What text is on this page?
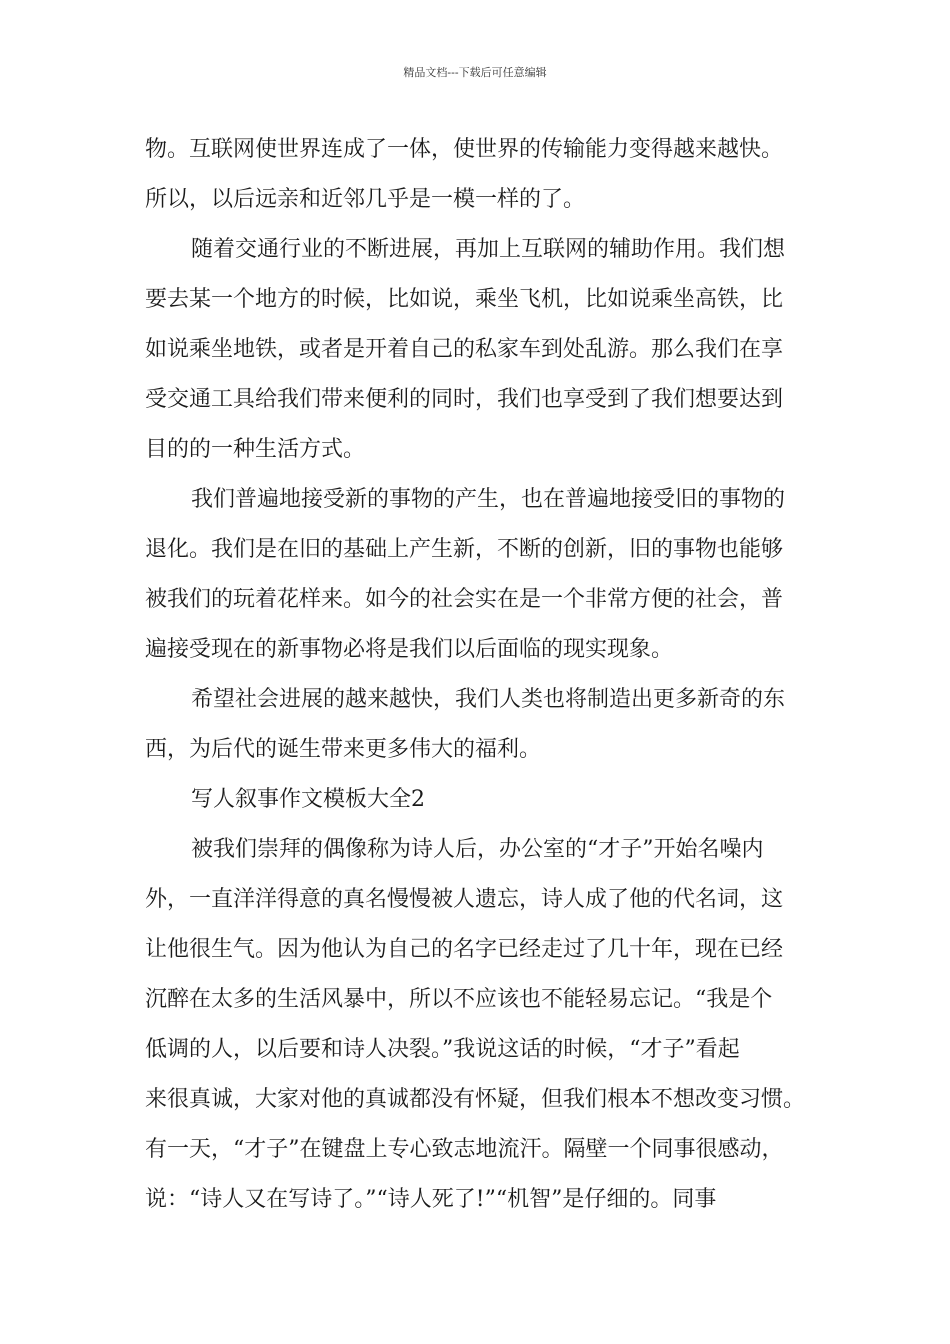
精品文档---下载后可任意编辑
物。互联网使世界连成了一体，使世界的传输能力变得越来越快。
所以，以后远亲和近邻几乎是一模一样的了。
随着交通行业的不断进展，再加上互联网的辅助作用。我们想
要去某一个地方的时候，比如说，乘坐飞机，比如说乘坐高铁，比
如说乘坐地铁，或者是开着自己的私家车到处乱游。那么我们在享
受交通工具给我们带来便利的同时，我们也享受到了我们想要达到
目的的一种生活方式。
我们普遍地接受新的事物的产生，也在普遍地接受旧的事物的
退化。我们是在旧的基础上产生新，不断的创新，旧的事物也能够
被我们的玩着花样来。如今的社会实在是一个非常方便的社会，普
遍接受现在的新事物必将是我们以后面临的现实现象。
希望社会进展的越来越快，我们人类也将制造出更多新奇的东
西，为后代的诞生带来更多伟大的福利。
写人叙事作文模板大全2
被我们崇拜的偶像称为诗人后，办公室的“才子”开始名噪内
外，一直洋洋得意的真名慢慢被人遗忘，诗人成了他的代名词，这
让他很生气。因为他认为自己的名字已经走过了几十年，现在已经
沉醉在太多的生活风暴中，所以不应该也不能轻易忘记。“我是个
低调的人，以后要和诗人决裂。”我说这话的时候，“才子”看起
来很真诚，大家对他的真诚都没有怀疑，但我们根本不想改变习惯。
有一天，“才子”在键盘上专心致志地流汗。隔壁一个同事很感动，
说：“诗人又在写诗了。”“诗人死了!”“机智”是仔细的。同事
